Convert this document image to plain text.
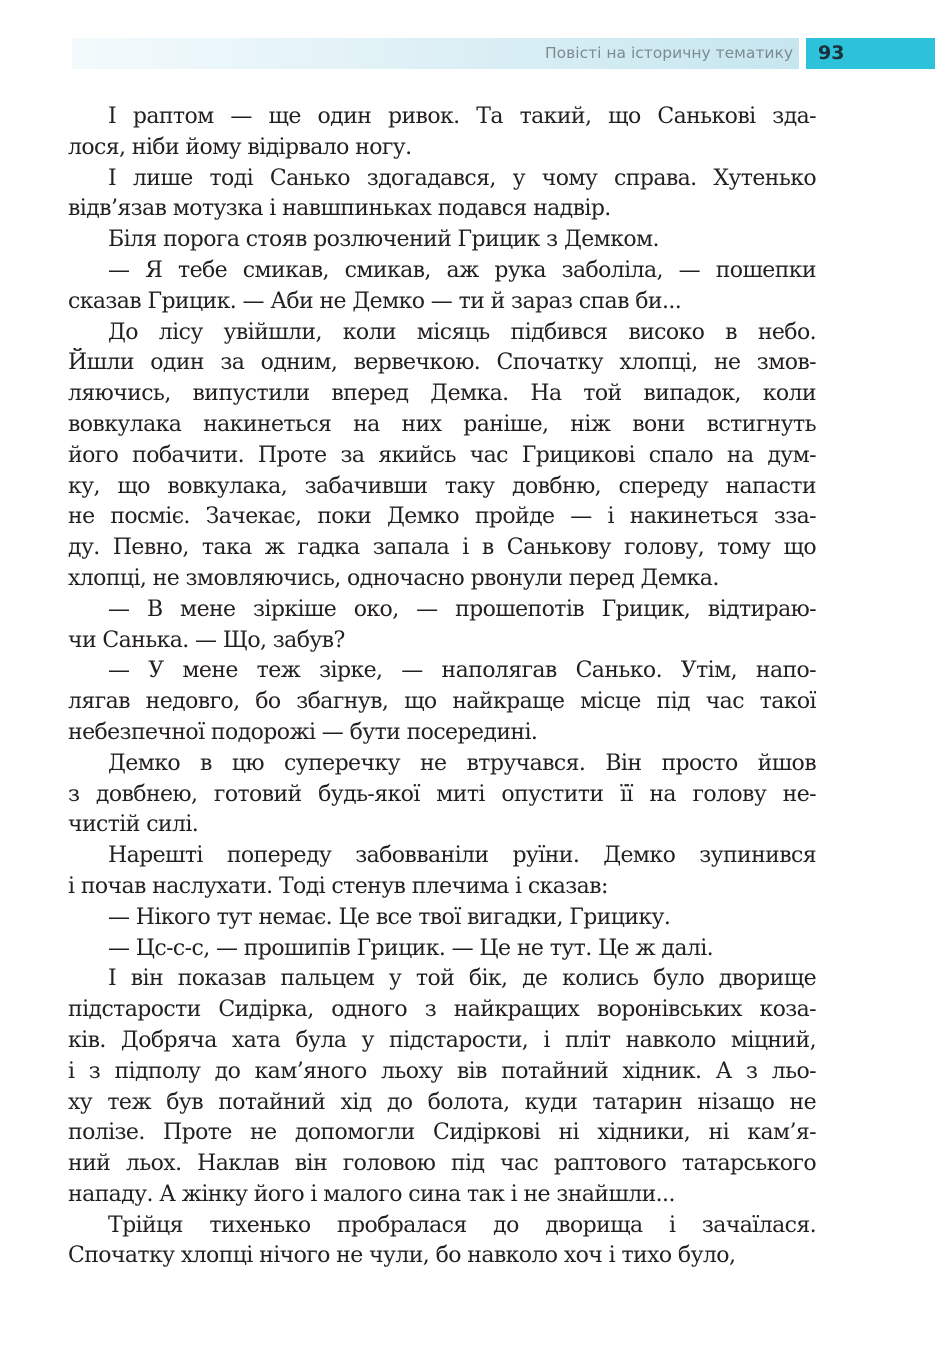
Повісті на історичну тематику	93
І раптом — ще один ривок. Та такий, що Санькові зда-
лося, ніби йому відірвало ногу.
І лише тоді Санько здогадався, у чому справа. Хутенько
відв’язав мотузка і навшпиньках подався надвір.
Біля порога стояв розлючений Грицик з Демком.
— Я тебе смикав, смикав, аж рука заболіла, — пошепки
сказав Грицик. — Аби не Демко — ти й зараз спав би...
До лісу увійшли, коли місяць підбився високо в небо.
Йшли один за одним, вервечкою. Спочатку хлопці, не змов-
ляючись, випустили вперед Демка. На той випадок, коли
вовкулака накинеться на них раніше, ніж вони встигнуть
його побачити. Проте за якийсь час Грицикові спало на дум-
ку, що вовкулака, забачивши таку довбню, спереду напасти
не посміє. Зачекає, поки Демко пройде — і накинеться зза-
ду. Певно, така ж гадка запала і в Санькову голову, тому що
хлопці, не змовляючись, одночасно рвонули перед Демка.
— В мене зіркіше око, — прошепотів Грицик, відтираю-
чи Санька. — Що, забув?
— У мене теж зірке, — наполягав Санько. Утім, напо-
лягав недовго, бо збагнув, що найкраще місце під час такої
небезпечної подорожі — бути посередині.
Демко в цю суперечку не втручався. Він просто йшов
з довбнею, готовий будь-якої миті опустити її на голову не-
чистій силі.
Нарешті попереду забовваніли руїни. Демко зупинився
і почав наслухати. Тоді стенув плечима і сказав:
— Нікого тут немає. Це все твої вигадки, Грицику.
— Цс-с-с, — прошипів Грицик. — Це не тут. Це ж далі.
І він показав пальцем у той бік, де колись було дворище
підстарости Сидірка, одного з найкращих воронівських коза-
ків. Добряча хата була у підстарости, і пліт навколо міцний,
і з підполу до кам’яного льоху вів потайний хідник. А з льо-
ху теж був потайний хід до болота, куди татарин нізащо не
полізе. Проте не допомогли Сидіркові ні хідники, ні кам’я-
ний льох. Наклав він головою під час раптового татарського
нападу. А жінку його і малого сина так і не знайшли...
Трійця тихенько пробралася до дворища і зачаїлася.
Спочатку хлопці нічого не чули, бо навколо хоч і тихо було,
